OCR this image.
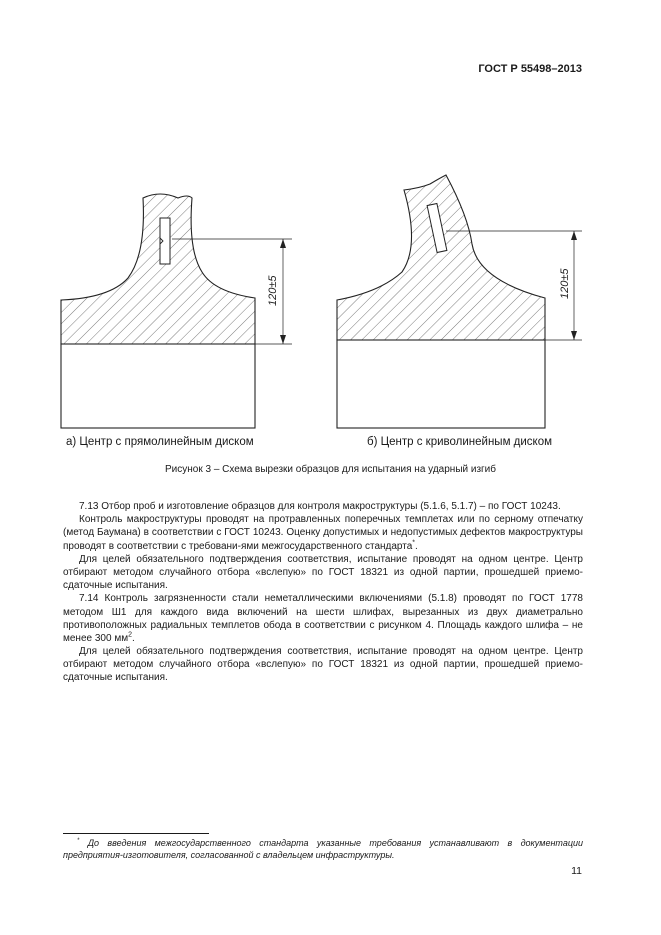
ГОСТ Р 55498–2013
120±5	120±5
а) Центр с прямолинейным диском	б) Центр с криволинейным диском
Рисунок 3 – Схема вырезки образцов для испытания на ударный изгиб

7.13 Отбор проб и изготовление образцов для контроля макроструктуры (5.1.6, 5.1.7) – по ГОСТ 10243.

Контроль макроструктуры проводят на протравленных поперечных темплетах или по серному отпечатку (метод Баумана) в соответствии с ГОСТ 10243. Оценку допустимых и недопустимых дефектов макроструктуры проводят в соответствии с требовани-ями межгосударственного стандарта*.

Для целей обязательного подтверждения соответствия, испытание проводят на одном центре. Центр отбирают методом случайного отбора «вслепую» по ГОСТ 18321 из одной партии, прошедшей приемо-сдаточные испытания.

7.14 Контроль загрязненности стали неметаллическими включениями (5.1.8) проводят по ГОСТ 1778 методом Ш1 для каждого вида включений на шести шлифах, вырезанных из двух диаметрально противоположных радиальных темплетов обода в соответствии с рисунком 4. Площадь каждого шлифа – не менее 300 $мм^2$.

Для целей обязательного подтверждения соответствия, испытание проводят на одном центре. Центр отбирают методом случайного отбора «вслепую» по ГОСТ 18321 из одной партии, прошедшей приемо-сдаточные испытания.

* До введения межгосударственного стандарта указанные требования устанавливают в документации предприятия-изготовителя, согласованной с владельцем инфраструктуры.

11
